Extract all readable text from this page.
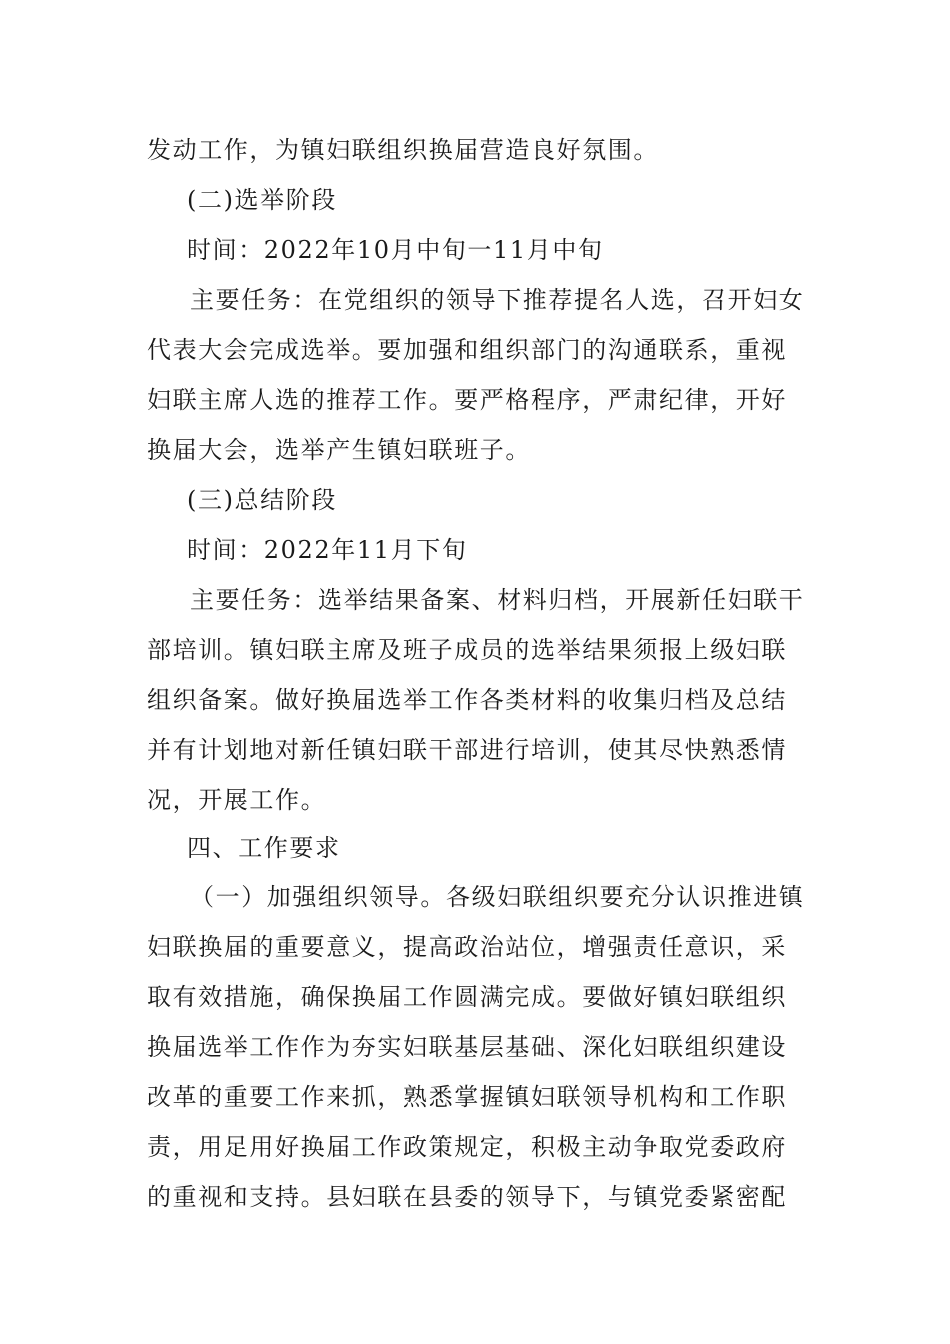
发动工作，为镇妇联组织换届营造良好氛围。
(二)选举阶段
时间：2022年10月中旬一11月中旬
主要任务：在党组织的领导下推荐提名人选，召开妇女
代表大会完成选举。要加强和组织部门的沟通联系，重视
妇联主席人选的推荐工作。要严格程序，严肃纪律，开好
换届大会，选举产生镇妇联班子。
(三)总结阶段
时间：2022年11月下旬
主要任务：选举结果备案、材料归档，开展新任妇联干
部培训。镇妇联主席及班子成员的选举结果须报上级妇联
组织备案。做好换届选举工作各类材料的收集归档及总结
并有计划地对新任镇妇联干部进行培训，使其尽快熟悉情
况，开展工作。
四、工作要求
（一）加强组织领导。各级妇联组织要充分认识推进镇
妇联换届的重要意义，提高政治站位，增强责任意识，采
取有效措施，确保换届工作圆满完成。要做好镇妇联组织
换届选举工作作为夯实妇联基层基础、深化妇联组织建设
改革的重要工作来抓，熟悉掌握镇妇联领导机构和工作职
责，用足用好换届工作政策规定，积极主动争取党委政府
的重视和支持。县妇联在县委的领导下，与镇党委紧密配
